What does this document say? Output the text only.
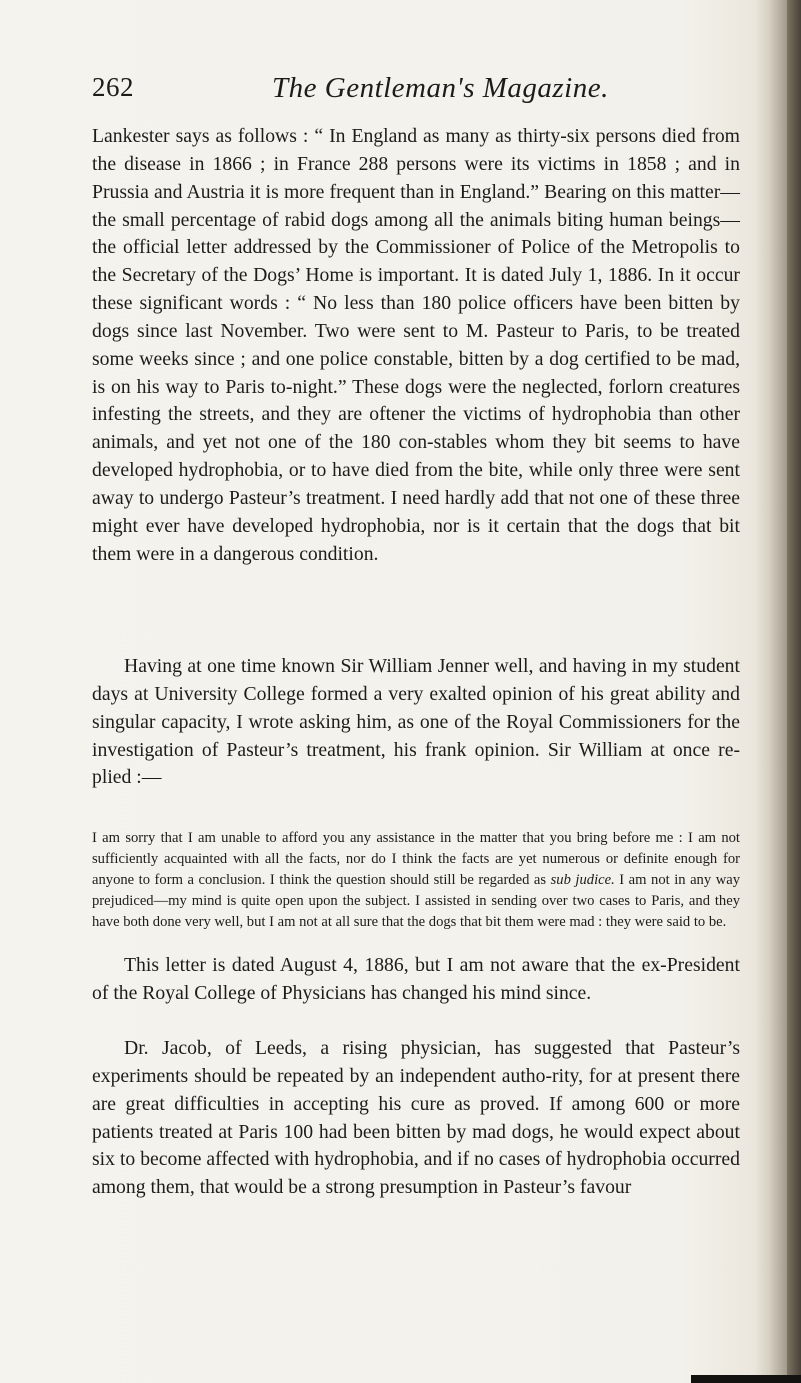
262	The Gentleman's Magazine.

Lankester says as follows : “ In England as many as thirty-six persons died from the disease in 1866 ; in France 288 persons were its victims in 1858 ; and in Prussia and Austria it is more frequent than in England.” Bearing on this matter—the small percentage of rabid dogs among all the animals biting human beings—the official letter addressed by the Commissioner of Police of the Metropolis to the Secretary of the Dogs’ Home is important. It is dated July 1, 1886. In it occur these significant words : “ No less than 180 police officers have been bitten by dogs since last November. Two were sent to M. Pasteur to Paris, to be treated some weeks since ; and one police constable, bitten by a dog certified to be mad, is on his way to Paris to-night.” These dogs were the neglected, forlorn creatures infesting the streets, and they are oftener the victims of hydrophobia than other animals, and yet not one of the 180 con-stables whom they bit seems to have developed hydrophobia, or to have died from the bite, while only three were sent away to undergo Pasteur’s treatment. I need hardly add that not one of these three might ever have developed hydrophobia, nor is it certain that the dogs that bit them were in a dangerous condition.

Having at one time known Sir William Jenner well, and having in my student days at University College formed a very exalted opinion of his great ability and singular capacity, I wrote asking him, as one of the Royal Commissioners for the investigation of Pasteur’s treatment, his frank opinion. Sir William at once re-plied :—

I am sorry that I am unable to afford you any assistance in the matter that you bring before me : I am not sufficiently acquainted with all the facts, nor do I think the facts are yet numerous or definite enough for anyone to form a conclusion. I think the question should still be regarded as sub judice. I am not in any way prejudiced—my mind is quite open upon the subject. I assisted in sending over two cases to Paris, and they have both done very well, but I am not at all sure that the dogs that bit them were mad : they were said to be.

This letter is dated August 4, 1886, but I am not aware that the ex-President of the Royal College of Physicians has changed his mind since.

Dr. Jacob, of Leeds, a rising physician, has suggested that Pasteur’s experiments should be repeated by an independent autho-rity, for at present there are great difficulties in accepting his cure as proved. If among 600 or more patients treated at Paris 100 had been bitten by mad dogs, he would expect about six to become affected with hydrophobia, and if no cases of hydrophobia occurred among them, that would be a strong presumption in Pasteur’s favour
